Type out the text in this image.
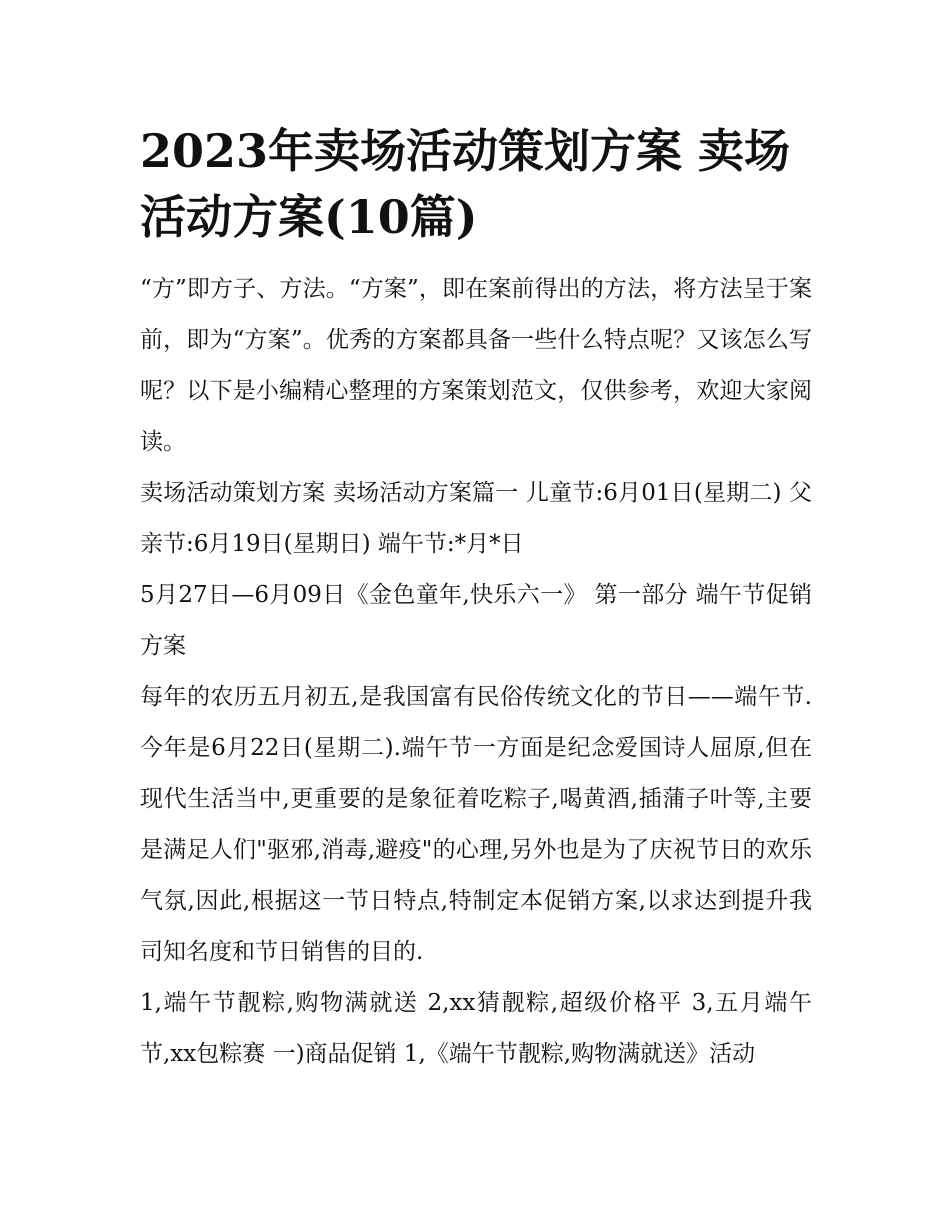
2023年卖场活动策划方案 卖场活动方案(10篇)

“方”即方子、方法。“方案”，即在案前得出的方法，将方法呈于案前，即为“方案”。优秀的方案都具备一些什么特点呢？又该怎么写呢？以下是小编精心整理的方案策划范文，仅供参考，欢迎大家阅读。

卖场活动策划方案 卖场活动方案篇一 儿童节:6月01日(星期二) 父亲节:6月19日(星期日) 端午节:*月*日

5月27日—6月09日《金色童年,快乐六一》 第一部分 端午节促销方案

每年的农历五月初五,是我国富有民俗传统文化的节日——端午节.今年是6月22日(星期二).端午节一方面是纪念爱国诗人屈原,但在现代生活当中,更重要的是象征着吃粽子,喝黄酒,插蒲子叶等,主要是满足人们"驱邪,消毒,避疫"的心理,另外也是为了庆祝节日的欢乐气氛,因此,根据这一节日特点,特制定本促销方案,以求达到提升我司知名度和节日销售的目的.

1,端午节靓粽,购物满就送 2,xx猜靓粽,超级价格平 3,五月端午节,xx包粽赛 一)商品促销 1,《端午节靓粽,购物满就送》活动
